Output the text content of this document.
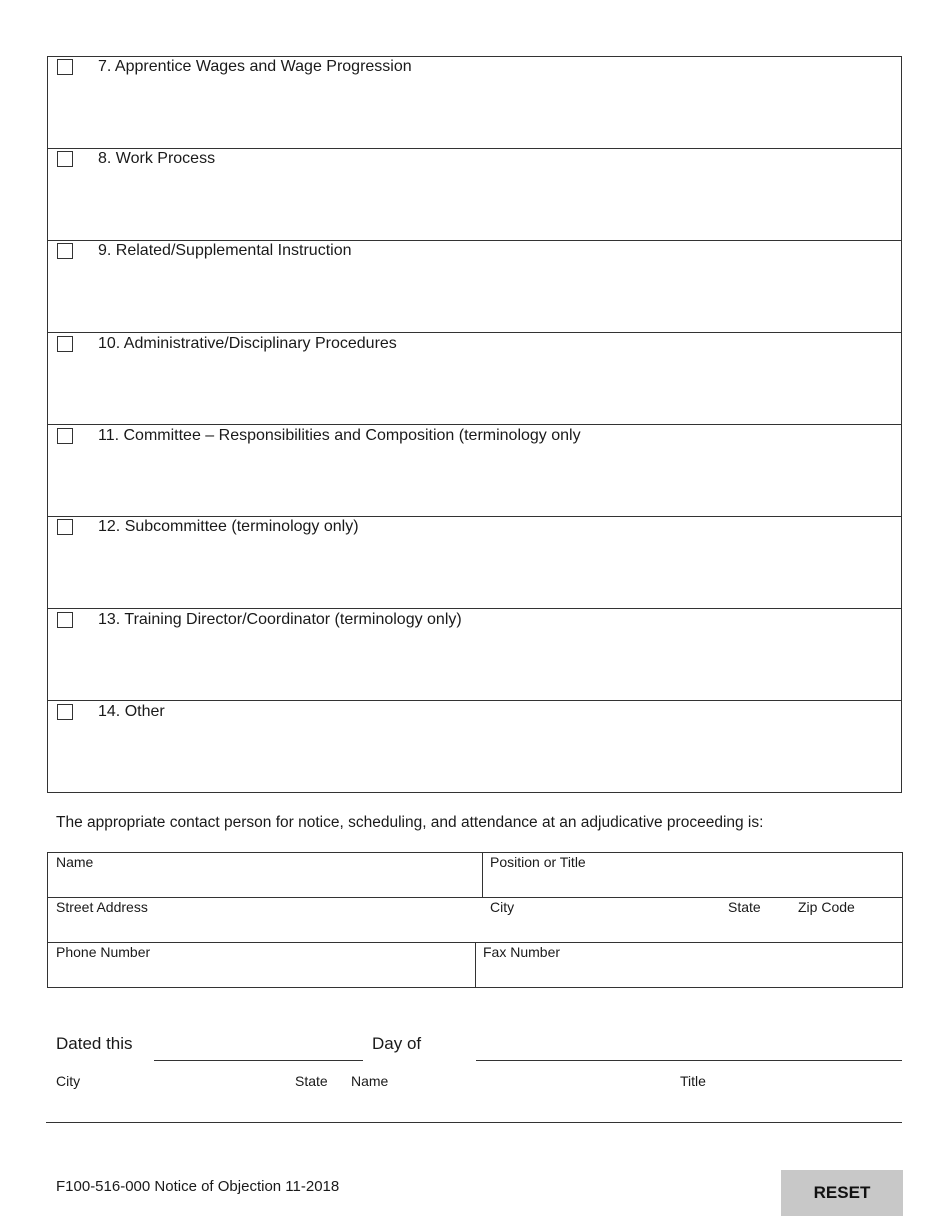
7. Apprentice Wages and Wage Progression
8. Work Process
9. Related/Supplemental Instruction
10. Administrative/Disciplinary Procedures
11. Committee – Responsibilities and Composition (terminology only
12. Subcommittee (terminology only)
13. Training Director/Coordinator (terminology only)
14. Other
The appropriate contact person for notice, scheduling, and attendance at an adjudicative proceeding is:
Name	Position or Title
Street Address	City	State	Zip Code
Phone Number	Fax Number
Dated this	Day of
City	State Name	Title
F100-516-000 Notice of Objection 11-2018	RESET
